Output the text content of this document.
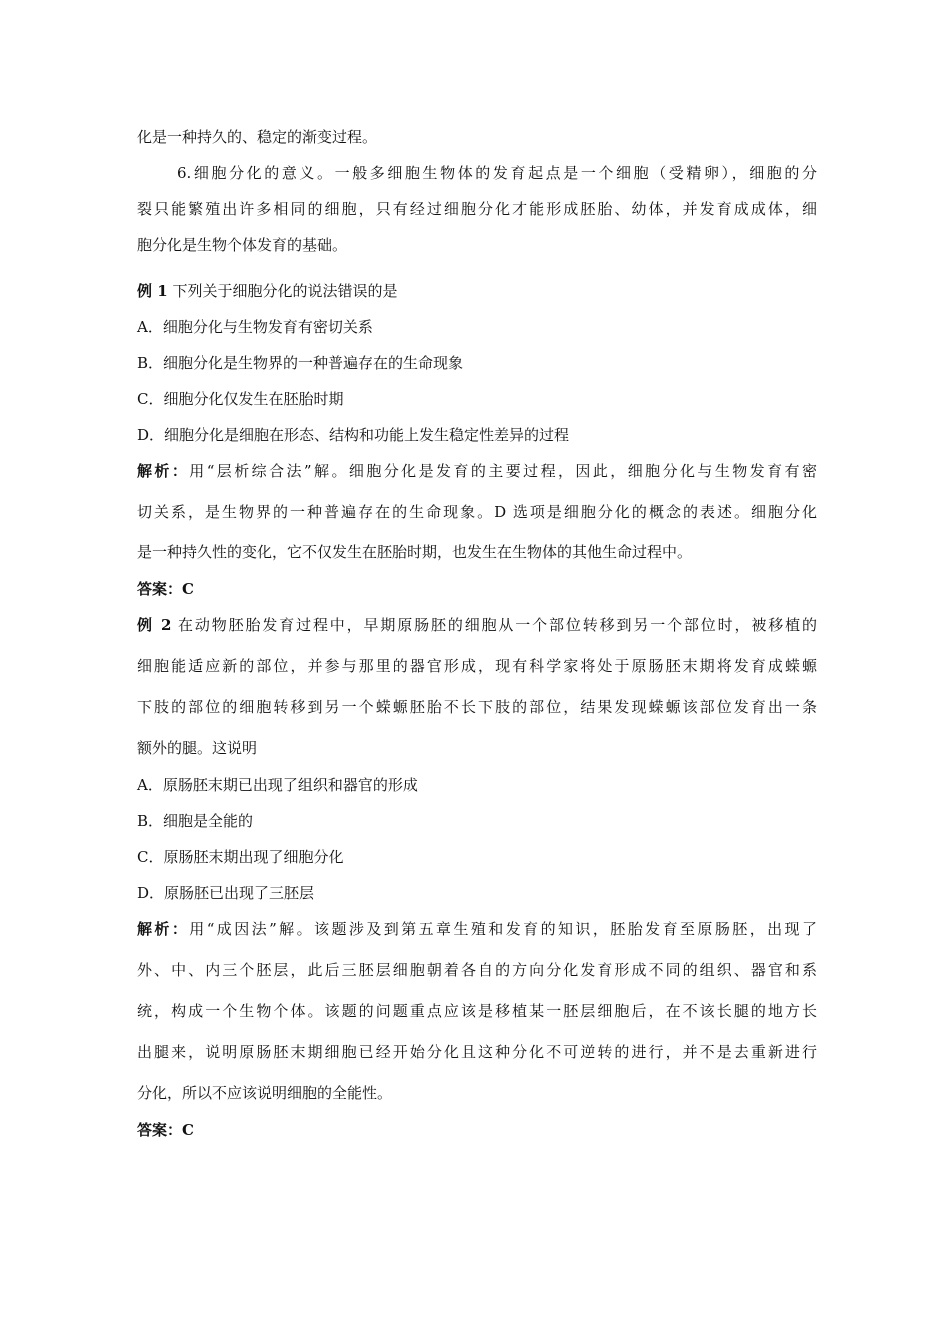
化是一种持久的、稳定的渐变过程。
6.细胞分化的意义。一般多细胞生物体的发育起点是一个细胞（受精卵），细胞的分
裂只能繁殖出许多相同的细胞，只有经过细胞分化才能形成胚胎、幼体，并发育成成体，细
胞分化是生物个体发育的基础。
例 1 下列关于细胞分化的说法错误的是
A．细胞分化与生物发育有密切关系
B．细胞分化是生物界的一种普遍存在的生命现象
C．细胞分化仅发生在胚胎时期
D．细胞分化是细胞在形态、结构和功能上发生稳定性差异的过程
解析：用“层析综合法”解。细胞分化是发育的主要过程，因此，细胞分化与生物发育有密
切关系，是生物界的一种普遍存在的生命现象。D 选项是细胞分化的概念的表述。细胞分化
是一种持久性的变化，它不仅发生在胚胎时期，也发生在生物体的其他生命过程中。
答案：C
例 2 在动物胚胎发育过程中，早期原肠胚的细胞从一个部位转移到另一个部位时，被移植的
细胞能适应新的部位，并参与那里的器官形成，现有科学家将处于原肠胚末期将发育成蝾螈
下肢的部位的细胞转移到另一个蝾螈胚胎不长下肢的部位，结果发现蝾螈该部位发育出一条
额外的腿。这说明
A．原肠胚末期已出现了组织和器官的形成
B．细胞是全能的
C．原肠胚末期出现了细胞分化
D．原肠胚已出现了三胚层
解析：用“成因法”解。该题涉及到第五章生殖和发育的知识，胚胎发育至原肠胚，出现了
外、中、内三个胚层，此后三胚层细胞朝着各自的方向分化发育形成不同的组织、器官和系
统，构成一个生物个体。该题的问题重点应该是移植某一胚层细胞后，在不该长腿的地方长
出腿来，说明原肠胚末期细胞已经开始分化且这种分化不可逆转的进行，并不是去重新进行
分化，所以不应该说明细胞的全能性。
答案：C
